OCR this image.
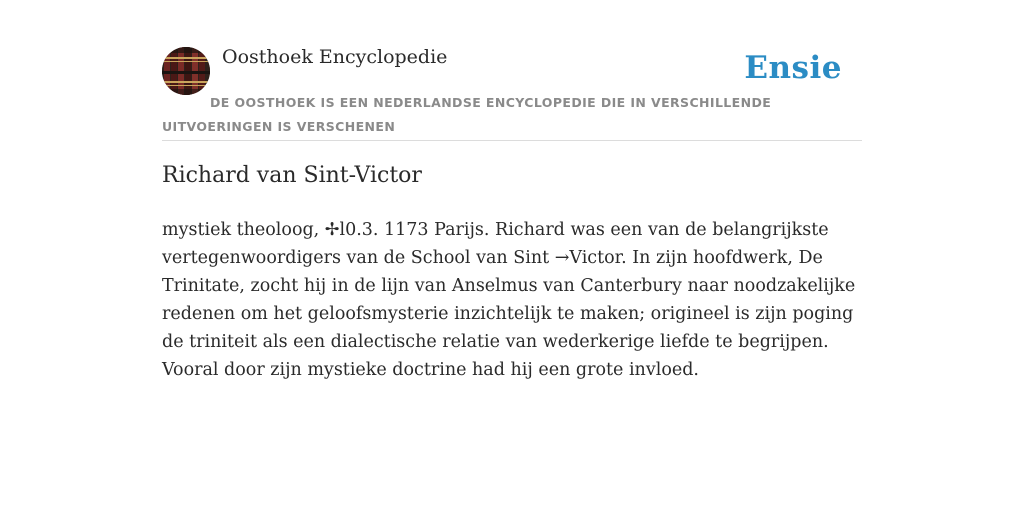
Oosthoek Encyclopedie	Ensie
DE OOSTHOEK IS EEN NEDERLANDSE ENCYCLOPEDIE DIE IN VERSCHILLENDE UITVOERINGEN IS VERSCHENEN
Richard van Sint-Victor

mystiek theoloog, ✢l0.3. 1173 Parijs. Richard was een van de belangrijkste vertegenwoordigers van de School van Sint →Victor. In zijn hoofdwerk, De Trinitate, zocht hij in de lijn van Anselmus van Canterbury naar noodzakelijke redenen om het geloofsmysterie inzichtelijk te maken; origineel is zijn poging de triniteit als een dialectische relatie van wederkerige liefde te begrijpen. Vooral door zijn mystieke doctrine had hij een grote invloed.
